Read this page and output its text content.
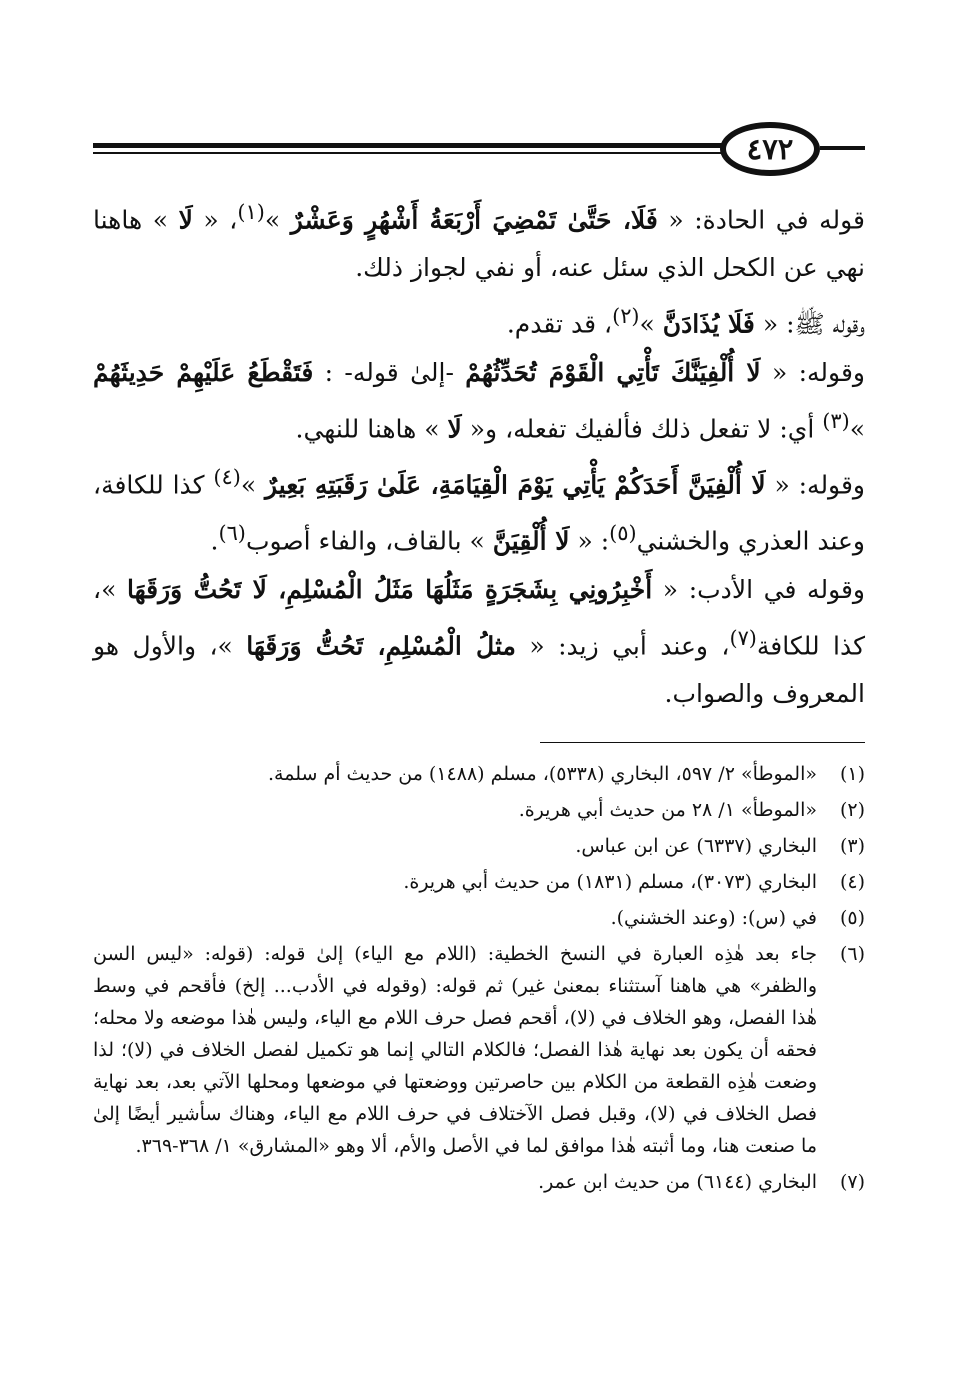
٤٧٢

قوله في الحادة: « فَلَا، حَتَّىٰ تَمْضِيَ أَرْبَعَةُ أَشْهُرٍ وَعَشْرٌ »$^{(١)}$، « لَا » هاهنا نهي عن الكحل الذي سئل عنه، أو نفي لجواز ذلك.

وقوله ﷺ: « فَلَا يُذَادَنَّ »$^{(٢)}$، قد تقدم.

وقوله: « لَا أُلْفِيَنَّكَ تَأْتِي الْقَوْمَ تُحَدِّثُهُمْ -إلىٰ قوله- : فَتَقْطَعُ عَلَيْهِمْ حَدِيثَهُمْ »$^{(٣)}$ أي: لا تفعل ذلك فألفيك تفعله، و« لَا » هاهنا للنهي.

وقوله: « لَا أُلْفِيَنَّ أَحَدَكُمْ يَأْتِي يَوْمَ الْقِيَامَةِ، عَلَىٰ رَقَبَتِهِ بَعِيرٌ »$^{(٤)}$ كذا للكافة، وعند العذري والخشني$^{(٥)}$: « لَا أُلْقِيَنَّ » بالقاف، والفاء أصوب$^{(٦)}$.

وقوله في الأدب: « أَخْبِرُونِي بِشَجَرَةٍ مَثَلُهَا مَثَلُ الْمُسْلِمِ، لَا تَحُتُّ وَرَقَهَا »، كذا للكافة$^{(٧)}$، وعند أبي زيد: « مثلُ الْمُسْلِمِ، تَحُتُّ وَرَقَهَا »، والأول هو المعروف والصواب.

(١)
«الموطأ» ٢/ ٥٩٧، البخاري (٥٣٣٨)، مسلم (١٤٨٨) من حديث أم سلمة.
(٢)
«الموطأ» ١/ ٢٨ من حديث أبي هريرة.
(٣)
البخاري (٦٣٣٧) عن ابن عباس.
(٤)
البخاري (٣٠٧٣)، مسلم (١٨٣١) من حديث أبي هريرة.
(٥)
في (س): (وعند الخشني).
(٦)
جاء بعد هٰذِه العبارة في النسخ الخطية: (اللام مع الياء) إلىٰ قوله: (قوله: «ليس السن والظفر» هي هاهنا آستثناء بمعنىٰ غير) ثم قوله: (وقوله في الأدب... إلخ) فأقحم في وسط هٰذا الفصل، وهو الخلاف في (لا)، أقحم فصل حرف اللام مع الياء، وليس هٰذا موضعه ولا محله؛ فحقه أن يكون بعد نهاية هٰذا الفصل؛ فالكلام التالي إنما هو تكميل لفصل الخلاف في (لا)؛ لذا وضعت هٰذِه القطعة من الكلام بين حاصرتين ووضعتها في موضعها ومحلها الآتي بعد، بعد نهاية فصل الخلاف في (لا)، وقبل فصل الآختلاف في حرف اللام مع الياء، وهناك سأشير أيضًا إلىٰ ما صنعت هنا، وما أثبته هٰذا موافق لما في الأصل والأم، ألا وهو «المشارق» ١/ ٣٦٨-٣٦٩.
(٧)
البخاري (٦١٤٤) من حديث ابن عمر.
